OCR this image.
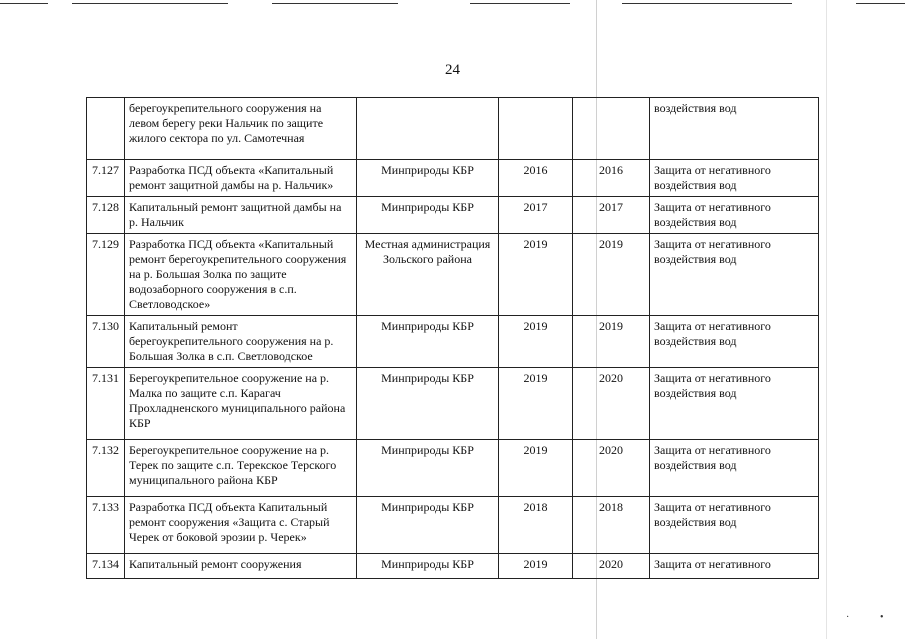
·	•
24
	берегоукрепительного сооружения на левом берегу реки Нальчик по защите жилого сектора по ул. Самотечная				воздействия вод
7.127	Разработка ПСД объекта «Капитальный ремонт защитной дамбы на р. Нальчик»	Минприроды КБР	2016	2016	Защита от негативного воздействия вод
7.128	Капитальный ремонт защитной дамбы на р. Нальчик	Минприроды КБР	2017	2017	Защита от негативного воздействия вод
7.129	Разработка ПСД объекта «Капитальный ремонт берегоукрепительного сооружения на р. Большая Золка по защите водозаборного сооружения в с.п. Светловодское»	Местная администрация Зольского района	2019	2019	Защита от негативного воздействия вод
7.130	Капитальный ремонт берегоукрепительного сооружения на р. Большая Золка в с.п. Светловодское	Минприроды КБР	2019	2019	Защита от негативного воздействия вод
7.131	Берегоукрепительное сооружение на р. Малка по защите с.п. Карагач Прохладненского муниципального района КБР	Минприроды КБР	2019	2020	Защита от негативного воздействия вод
7.132	Берегоукрепительное сооружение на р. Терек по защите с.п. Терекское Терского муниципального района КБР	Минприроды КБР	2019	2020	Защита от негативного воздействия вод
7.133	Разработка ПСД объекта Капитальный ремонт сооружения «Защита с. Старый Черек от боковой эрозии р. Черек»	Минприроды КБР	2018	2018	Защита от негативного воздействия вод
7.134	Капитальный ремонт сооружения	Минприроды КБР	2019	2020	Защита от негативного
